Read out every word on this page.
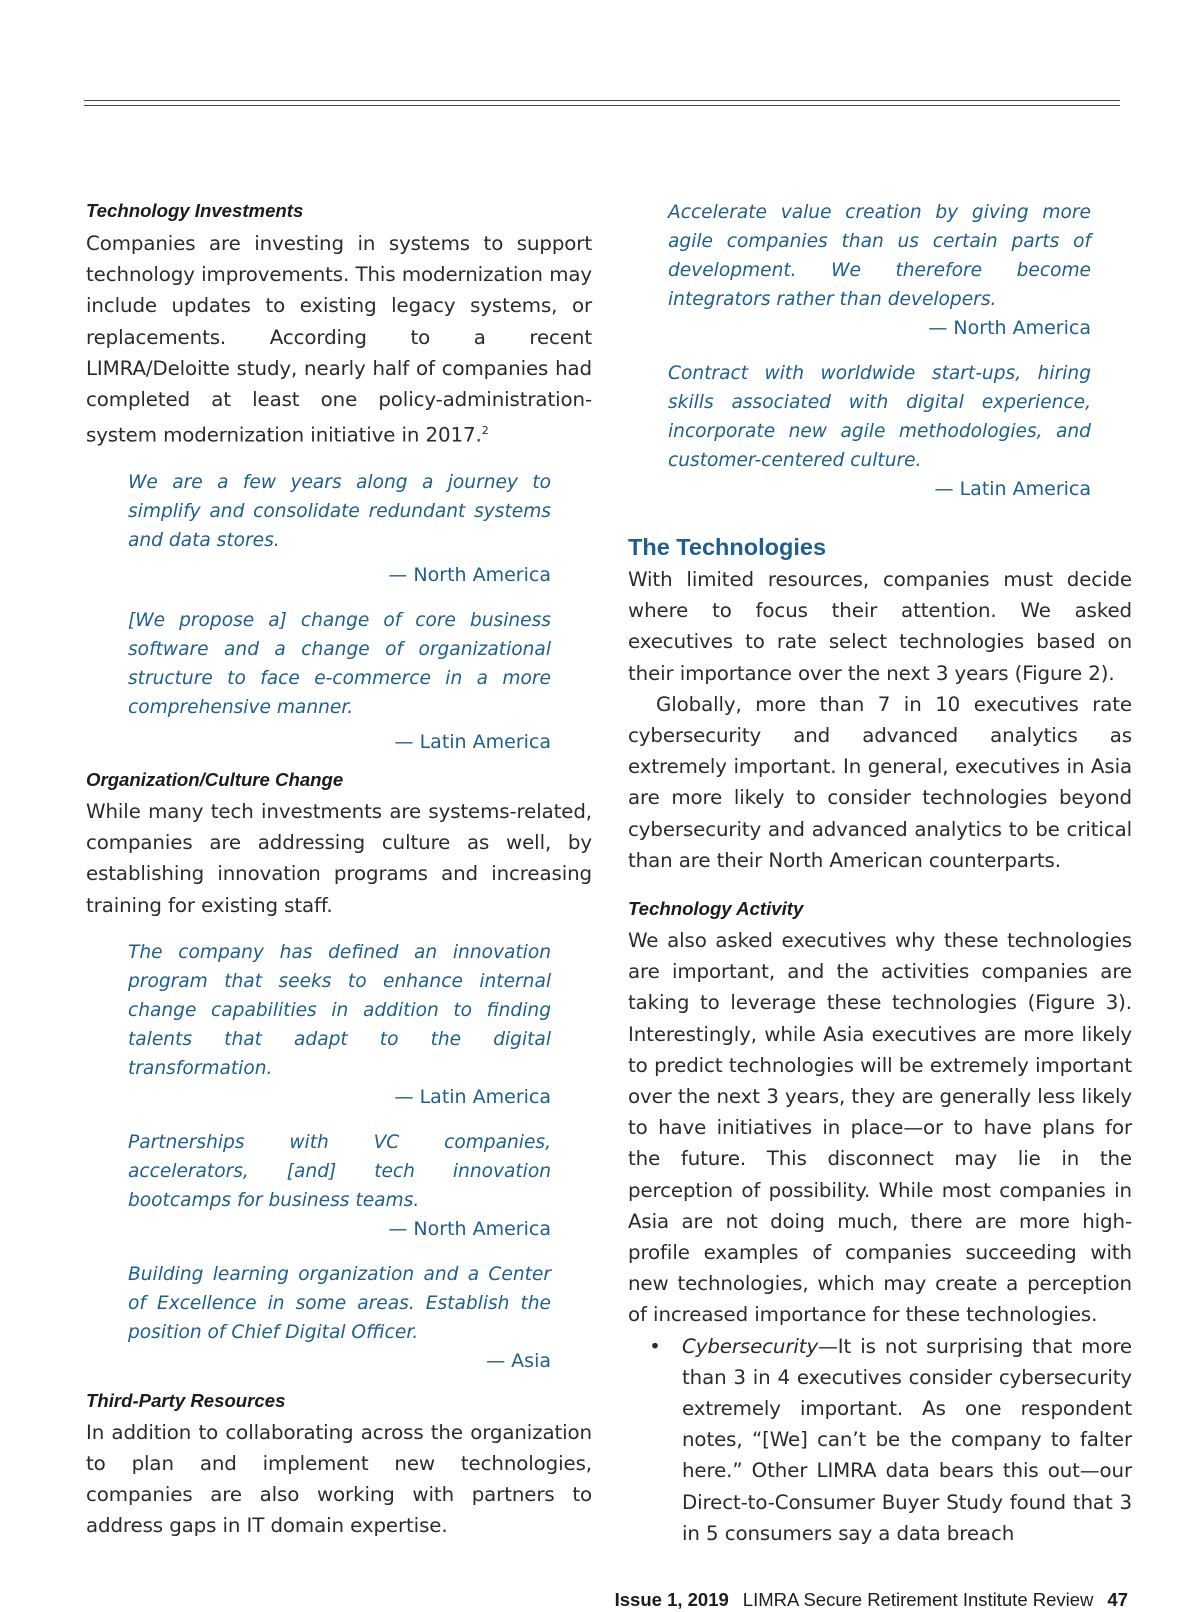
Technology Investments

Companies are investing in systems to support technology improvements. This modernization may include updates to existing legacy systems, or replacements. According to a recent LIMRA/Deloitte study, nearly half of companies had completed at least one policy-administration-system modernization initiative in 2017.$^2$

We are a few years along a journey to simplify and consolidate redundant systems and data stores.

— North America

[We propose a] change of core business software and a change of organizational structure to face e-commerce in a more comprehensive manner.

— Latin America

Organization/Culture Change

While many tech investments are systems-related, companies are addressing culture as well, by establishing innovation programs and increasing training for existing staff.

The company has defined an innovation program that seeks to enhance internal change capabilities in addition to finding talents that adapt to the digital transformation.

— Latin America

Partnerships with VC companies, accelerators, [and] tech innovation bootcamps for business teams.

— North America

Building learning organization and a Center of Excellence in some areas. Establish the position of Chief Digital Officer.

— Asia

Third-Party Resources

In addition to collaborating across the organization to plan and implement new technologies, companies are also working with partners to address gaps in IT domain expertise.

Accelerate value creation by giving more agile companies than us certain parts of development. We therefore become integrators rather than developers.

— North America

Contract with worldwide start-ups, hiring skills associated with digital experience, incorporate new agile methodologies, and customer-centered culture.

— Latin America

The Technologies

With limited resources, companies must decide where to focus their attention. We asked executives to rate select technologies based on their importance over the next 3 years (Figure 2).

Globally, more than 7 in 10 executives rate cybersecurity and advanced analytics as extremely important. In general, executives in Asia are more likely to consider technologies beyond cybersecurity and advanced analytics to be critical than are their North American counterparts.

Technology Activity

We also asked executives why these technologies are important, and the activities companies are taking to leverage these technologies (Figure 3). Interestingly, while Asia executives are more likely to predict technologies will be extremely important over the next 3 years, they are generally less likely to have initiatives in place—or to have plans for the future. This disconnect may lie in the perception of possibility. While most companies in Asia are not doing much, there are more high-profile examples of companies succeeding with new technologies, which may create a perception of increased importance for these technologies.

•	Cybersecurity—It is not surprising that more than 3 in 4 executives consider cybersecurity extremely important. As one respondent notes, “[We] can’t be the company to falter here.” Other LIMRA data bears this out—our Direct-to-Consumer Buyer Study found that 3 in 5 consumers say a data breach

Issue 1, 2019 LIMRA Secure Retirement Institute Review 47
